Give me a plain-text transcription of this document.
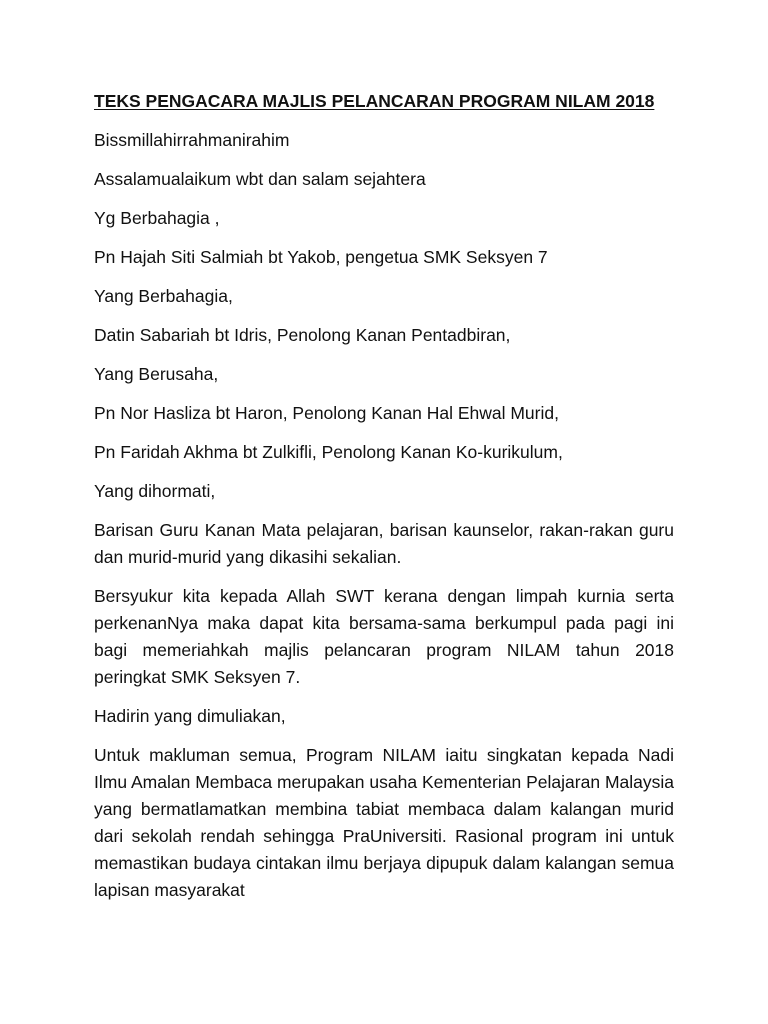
TEKS PENGACARA MAJLIS PELANCARAN PROGRAM NILAM 2018

Bissmillahirrahmanirahim

Assalamualaikum wbt dan salam sejahtera

Yg Berbahagia ,

Pn Hajah Siti Salmiah bt Yakob, pengetua SMK Seksyen 7

Yang Berbahagia,

Datin Sabariah bt Idris, Penolong Kanan Pentadbiran,

Yang Berusaha,

Pn Nor Hasliza bt Haron, Penolong Kanan Hal Ehwal Murid,

Pn Faridah Akhma bt Zulkifli, Penolong Kanan Ko-kurikulum,

Yang dihormati,

Barisan Guru Kanan Mata pelajaran, barisan kaunselor, rakan-rakan guru dan murid-murid yang dikasihi sekalian.

Bersyukur kita kepada Allah SWT kerana dengan limpah kurnia serta perkenanNya maka dapat kita bersama-sama berkumpul pada pagi ini bagi memeriahkah majlis pelancaran program NILAM tahun 2018 peringkat SMK Seksyen 7.

Hadirin yang dimuliakan,

Untuk makluman semua, Program NILAM iaitu singkatan kepada Nadi Ilmu Amalan Membaca merupakan usaha Kementerian Pelajaran Malaysia yang bermatlamatkan membina tabiat membaca dalam kalangan murid dari sekolah rendah sehingga PraUniversiti. Rasional program ini untuk memastikan budaya cintakan ilmu berjaya dipupuk dalam kalangan semua lapisan masyarakat
